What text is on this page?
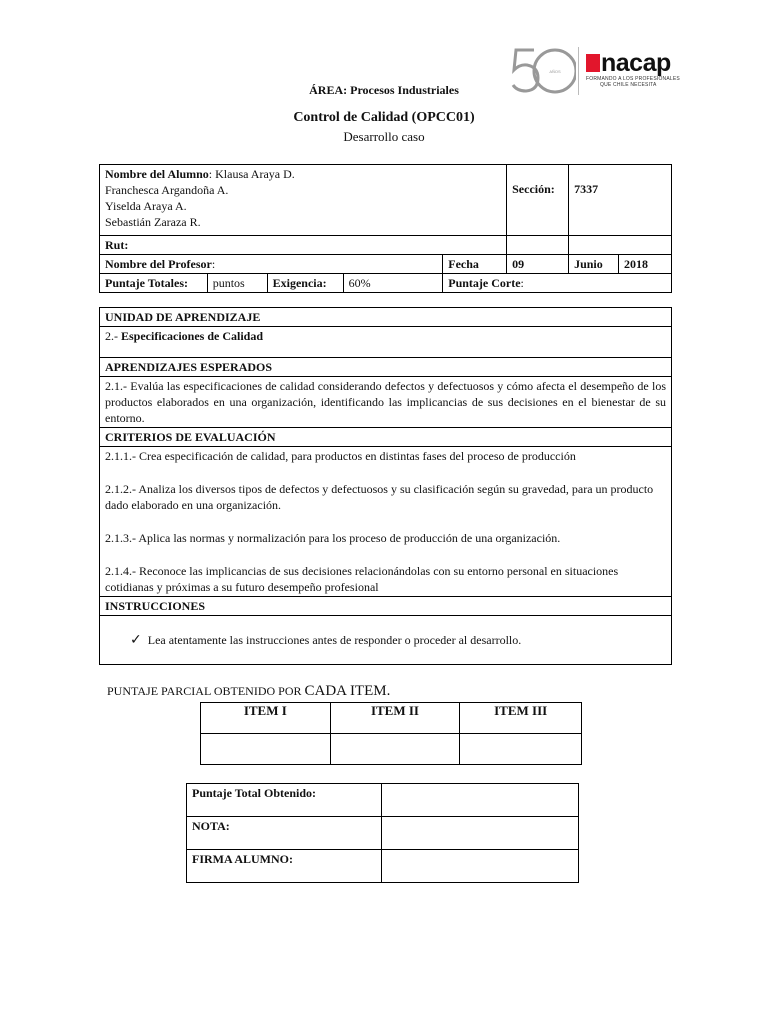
AÑOS	nacap
FORMANDO A LOS PROFESIONALES
QUE CHILE NECESITA
ÁREA: Procesos Industriales
Control de Calidad (OPCC01)
Desarrollo caso
Nombre del Alumno: Klausa Araya D.
Franchesca Argandoña A.
Yiselda Araya A.
Sebastián Zaraza R.					Sección:	7337	
Rut:							
Nombre del Profesor:				Fecha	09	Junio	2018
Puntaje Totales:	puntos	Exigencia:	60%	Puntaje Corte:			
UNIDAD DE APRENDIZAJE
2.- Especificaciones de Calidad
APRENDIZAJES ESPERADOS
2.1.- Evalúa las especificaciones de calidad considerando defectos y defectuosos y cómo afecta el desempeño de los productos elaborados en una organización, identificando las implicancias de sus decisiones en el bienestar de su entorno.
CRITERIOS DE EVALUACIÓN

2.1.1.- Crea especificación de calidad, para productos en distintas fases del proceso de producción

2.1.2.- Analiza los diversos tipos de defectos y defectuosos y su clasificación según su gravedad, para un producto dado elaborado en una organización.

2.1.3.- Aplica las normas y normalización para los proceso de producción de una organización.

2.1.4.- Reconoce las implicancias de sus decisiones relacionándolas con su entorno personal en situaciones cotidianas y próximas a su futuro desempeño profesional

INSTRUCCIONES
✓ Lea atentamente las instrucciones antes de responder o proceder al desarrollo.
PUNTAJE PARCIAL OBTENIDO POR CADA ITEM.
ITEM I	ITEM II	ITEM III

Puntaje Total Obtenido:	
NOTA:	
FIRMA ALUMNO:	
